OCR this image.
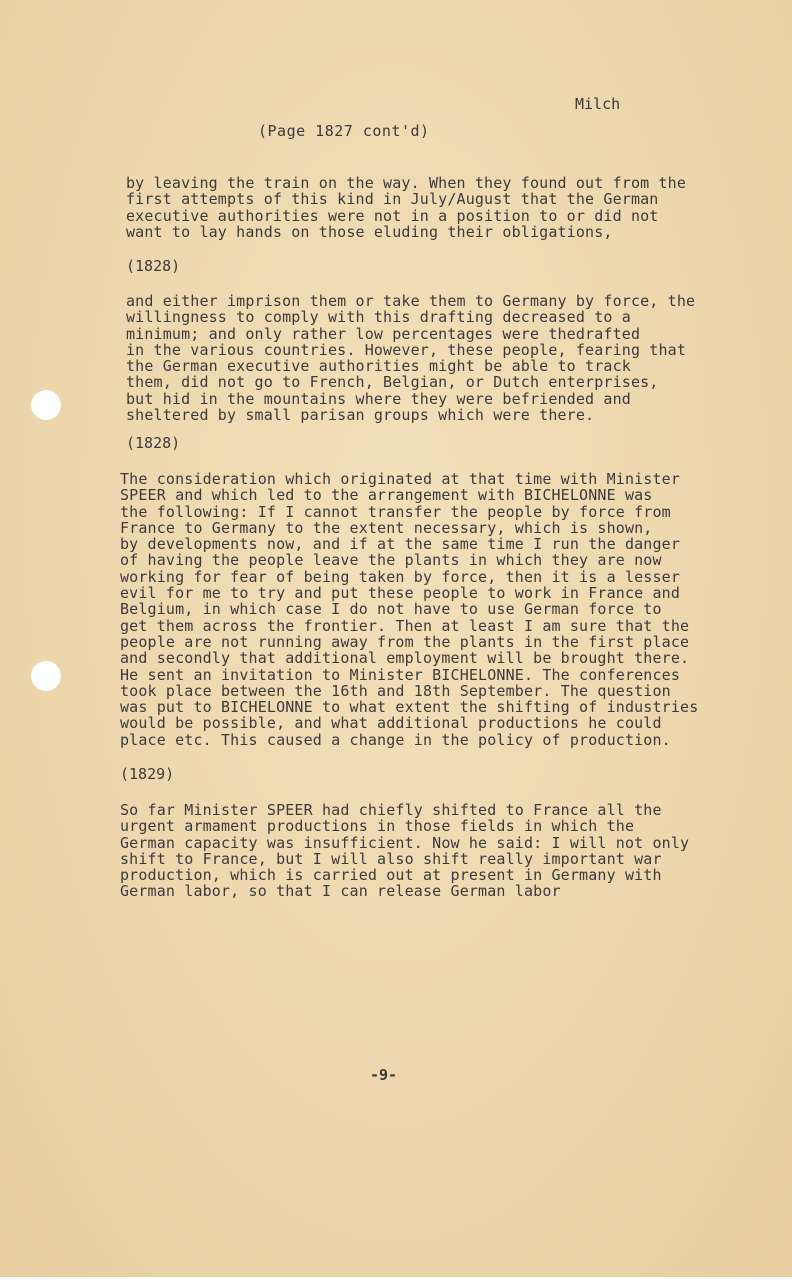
Milch

(Page 1827 cont'd)

by leaving the train on the way. When they found out from the
first attempts of this kind in July/August that the German
executive authorities were not in a position to or did not
want to lay hands on those eluding their obligations,

(1828)

and either imprison them or take them to Germany by force, the
willingness to comply with this drafting decreased to a
minimum; and only rather low percentages were thedrafted
in the various countries. However, these people, fearing that
the German executive authorities might be able to track
them, did not go to French, Belgian, or Dutch enterprises,
but hid in the mountains where they were befriended and
sheltered by small parisan groups which were there.

(1828)

The consideration which originated at that time with Minister
SPEER and which led to the arrangement with BICHELONNE was
the following: If I cannot transfer the people by force from
France to Germany to the extent necessary, which is shown,
by developments now, and if at the same time I run the danger
of having the people leave the plants in which they are now
working for fear of being taken by force, then it is a lesser
evil for me to try and put these people to work in France and
Belgium, in which case I do not have to use German force to
get them across the frontier. Then at least I am sure that the
people are not running away from the plants in the first place
and secondly that additional employment will be brought there.
He sent an invitation to Minister BICHELONNE. The conferences
took place between the 16th and 18th September. The question
was put to BICHELONNE to what extent the shifting of industries
would be possible, and what additional productions he could
place etc. This caused a change in the policy of production.

(1829)

So far Minister SPEER had chiefly shifted to France all the
urgent armament productions in those fields in which the
German capacity was insufficient. Now he said: I will not only
shift to France, but I will also shift really important war
production, which is carried out at present in Germany with
German labor, so that I can release German labor

-9-
